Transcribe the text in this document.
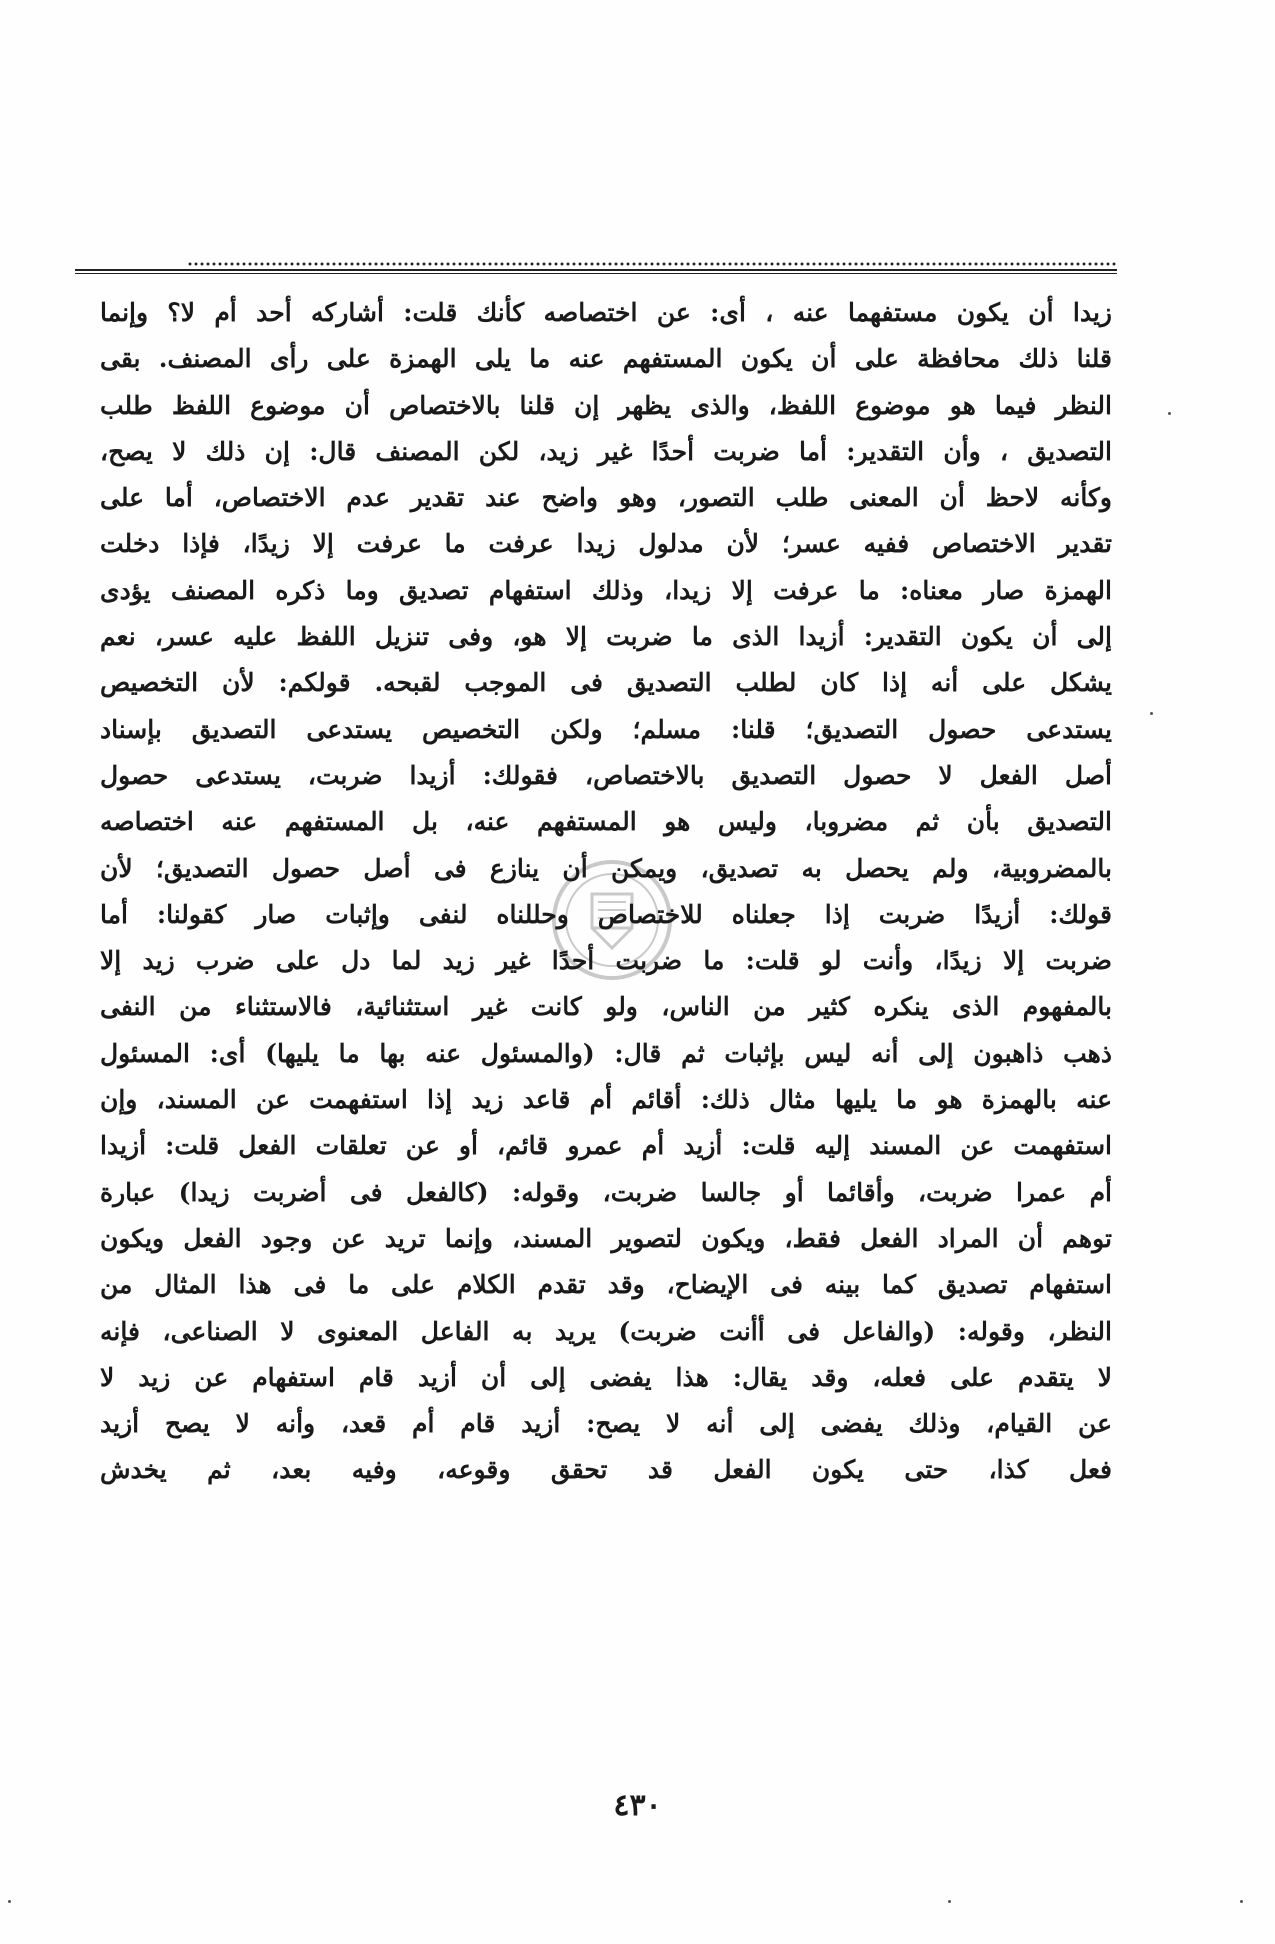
زيدا أن يكون مستفهما عنه ، أى: عن اختصاصه كأنك قلت: أشاركه أحد أم لا؟ وإنما
قلنا ذلك محافظة على أن يكون المستفهم عنه ما يلى الهمزة على رأى المصنف. بقى
النظر فيما هو موضوع اللفظ، والذى يظهر إن قلنا بالاختصاص أن موضوع اللفظ طلب
التصديق ، وأن التقدير: أما ضربت أحدًا غير زيد، لكن المصنف قال: إن ذلك لا يصح،
وكأنه لاحظ أن المعنى طلب التصور، وهو واضح عند تقدير عدم الاختصاص، أما على
تقدير الاختصاص ففيه عسر؛ لأن مدلول زيدا عرفت ما عرفت إلا زيدًا، فإذا دخلت
الهمزة صار معناه: ما عرفت إلا زيدا، وذلك استفهام تصديق وما ذكره المصنف يؤدى
إلى أن يكون التقدير: أزيدا الذى ما ضربت إلا هو، وفى تنزيل اللفظ عليه عسر، نعم
يشكل على أنه إذا كان لطلب التصديق فى الموجب لقبحه. قولكم: لأن التخصيص
يستدعى حصول التصديق؛ قلنا: مسلم؛ ولكن التخصيص يستدعى التصديق بإسناد
أصل الفعل لا حصول التصديق بالاختصاص، فقولك: أزيدا ضربت، يستدعى حصول
التصديق بأن ثم مضروبا، وليس هو المستفهم عنه، بل المستفهم عنه اختصاصه
بالمضروبية، ولم يحصل به تصديق، ويمكن أن ينازع فى أصل حصول التصديق؛ لأن
قولك: أزيدًا ضربت إذا جعلناه للاختصاص وحللناه لنفى وإثبات صار كقولنا: أما
ضربت إلا زيدًا، وأنت لو قلت: ما ضربت أحدًا غير زيد لما دل على ضرب زيد إلا
بالمفهوم الذى ينكره كثير من الناس، ولو كانت غير استثنائية، فالاستثناء من النفى
ذهب ذاهبون إلى أنه ليس بإثبات ثم قال: (والمسئول عنه بها ما يليها) أى: المسئول
عنه بالهمزة هو ما يليها مثال ذلك: أقائم أم قاعد زيد إذا استفهمت عن المسند، وإن
استفهمت عن المسند إليه قلت: أزيد أم عمرو قائم، أو عن تعلقات الفعل قلت: أزيدا
أم عمرا ضربت، وأقائما أو جالسا ضربت، وقوله: (كالفعل فى أضربت زيدا) عبارة
توهم أن المراد الفعل فقط، ويكون لتصوير المسند، وإنما تريد عن وجود الفعل ويكون
استفهام تصديق كما بينه فى الإيضاح، وقد تقدم الكلام على ما فى هذا المثال من
النظر، وقوله: (والفاعل فى أأنت ضربت) يريد به الفاعل المعنوى لا الصناعى، فإنه
لا يتقدم على فعله، وقد يقال: هذا يفضى إلى أن أزيد قام استفهام عن زيد لا
عن القيام، وذلك يفضى إلى أنه لا يصح: أزيد قام أم قعد، وأنه لا يصح أزيد
فعل كذا، حتى يكون الفعل قد تحقق وقوعه، وفيه بعد، ثم يخدش
٤٣٠
